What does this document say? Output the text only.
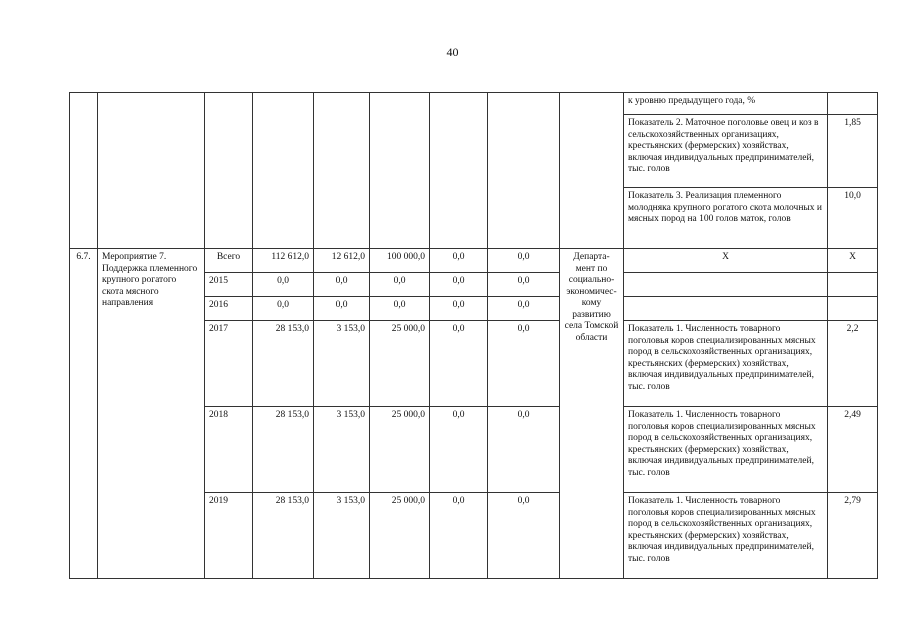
40
									к уровню предыдущего года, %	
									Показатель 2. Маточное поголовье овец и коз в сельскохозяйственных организациях, крестьянских (фермерских) хозяйствах, включая индивидуальных предпринимателей, тыс. голов	1,85
									Показатель 3. Реализация племенного молодняка крупного рогатого скота молочных и мясных пород на 100 голов маток, голов	10,0
6.7.	Мероприятие 7. Поддержка племенного крупного рогатого скота мясного направления	Всего	112 612,0	12 612,0	100 000,0	0,0	0,0	Департа-мент по социально-экономичес-кому развитию села Томской области	Х	Х
		2015	0,0	0,0	0,0	0,0	0,0			
		2016	0,0	0,0	0,0	0,0	0,0			
		2017	28 153,0	3 153,0	25 000,0	0,0	0,0		Показатель 1. Численность товарного поголовья коров специализированных мясных пород в сельскохозяйственных организациях, крестьянских (фермерских) хозяйствах, включая индивидуальных предпринимателей, тыс. голов	2,2
		2018	28 153,0	3 153,0	25 000,0	0,0	0,0		Показатель 1. Численность товарного поголовья коров специализированных мясных пород в сельскохозяйственных организациях, крестьянских (фермерских) хозяйствах, включая индивидуальных предпринимателей, тыс. голов	2,49
		2019	28 153,0	3 153,0	25 000,0	0,0	0,0		Показатель 1. Численность товарного поголовья коров специализированных мясных пород в сельскохозяйственных организациях, крестьянских (фермерских) хозяйствах, включая индивидуальных предпринимателей, тыс. голов	2,79
